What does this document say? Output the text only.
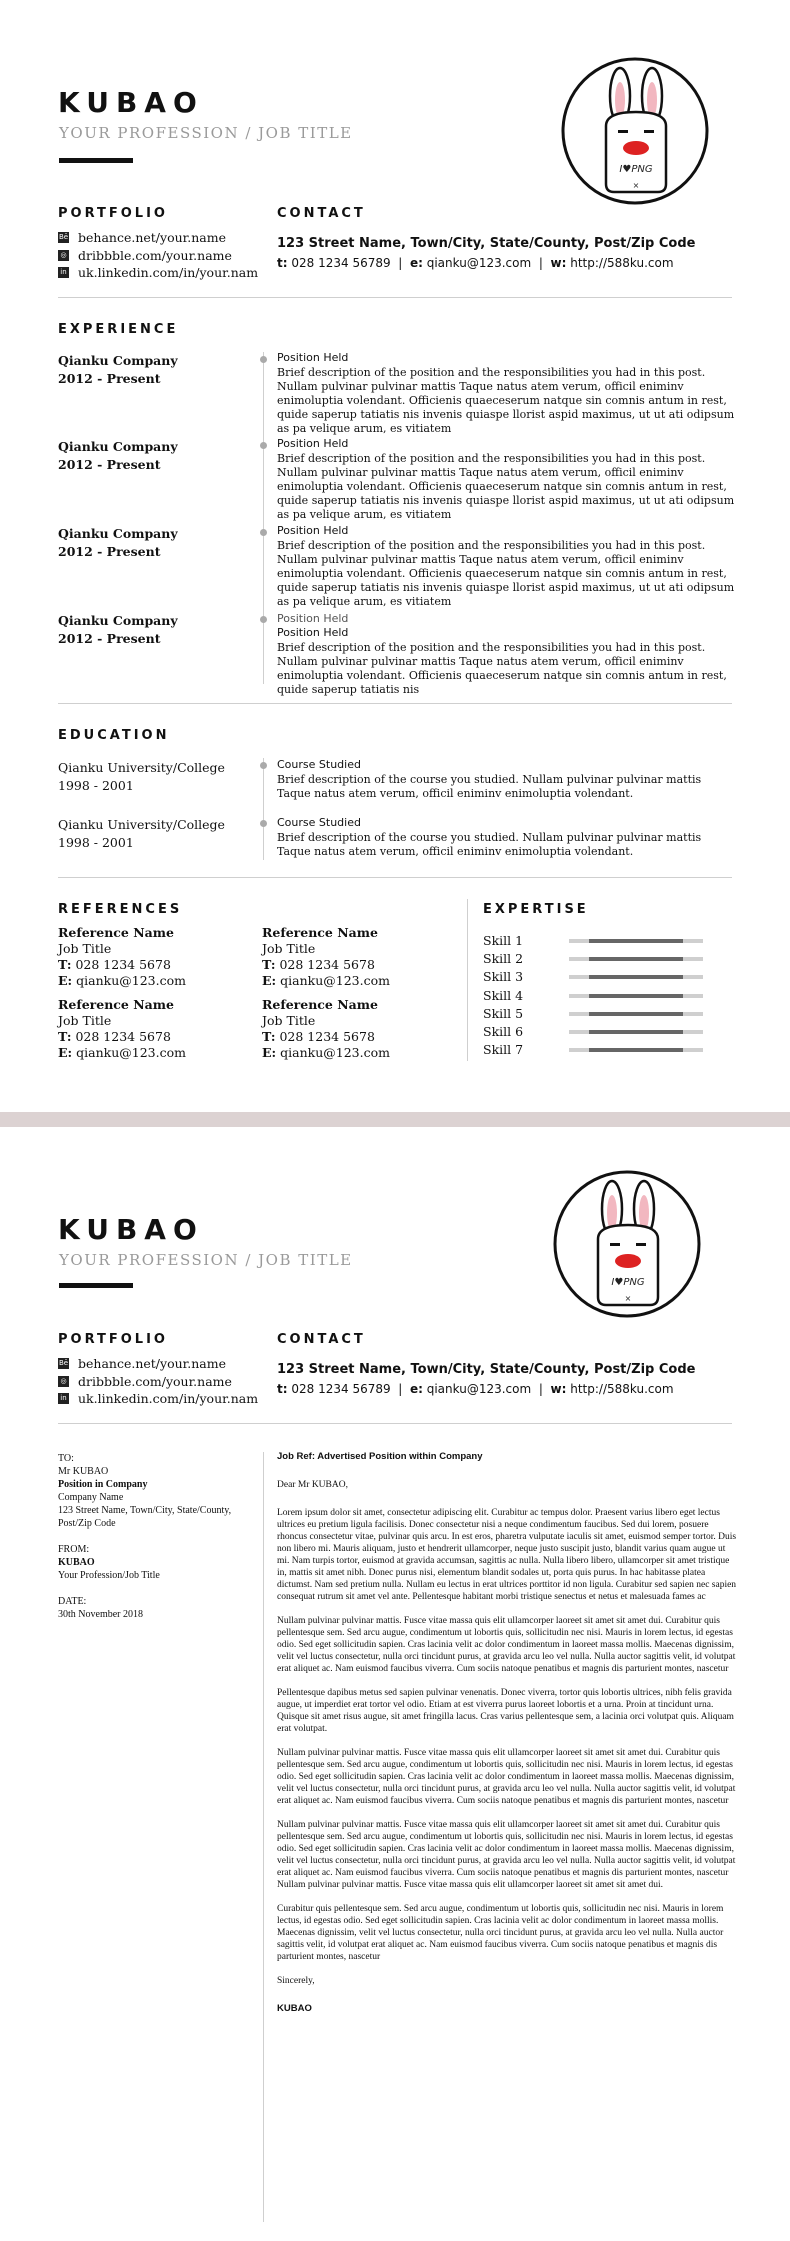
KUBAO
YOUR PROFESSION / JOB TITLE
I♥PNG
×
PORTFOLIO
Bē behance.net/your.name
◎ dribbble.com/your.name
in uk.linkedin.com/in/your.nam
CONTACT
123 Street Name, Town/City, State/County, Post/Zip Code
t: 028 1234 56789 | e: qianku@123.com | w: http://588ku.com
EXPERIENCE
Qianku Company
2012 - Present
Position Held
Brief description of the position and the responsibilities you had in this post. Nullam pulvinar pulvinar mattis Taque natus atem verum, officil eniminv enimoluptia volendant. Officienis quaeceserum natque sin comnis antum in rest, quide saperup tatiatis nis invenis quiaspe llorist aspid maximus, ut ut ati odipsum as pa velique arum, es vitiatem
Qianku Company
2012 - Present
Position Held
Brief description of the position and the responsibilities you had in this post. Nullam pulvinar pulvinar mattis Taque natus atem verum, officil eniminv enimoluptia volendant. Officienis quaeceserum natque sin comnis antum in rest, quide saperup tatiatis nis invenis quiaspe llorist aspid maximus, ut ut ati odipsum as pa velique arum, es vitiatem
Qianku Company
2012 - Present
Position Held
Brief description of the position and the responsibilities you had in this post. Nullam pulvinar pulvinar mattis Taque natus atem verum, officil eniminv enimoluptia volendant. Officienis quaeceserum natque sin comnis antum in rest, quide saperup tatiatis nis invenis quiaspe llorist aspid maximus, ut ut ati odipsum as pa velique arum, es vitiatem
Qianku Company
2012 - Present
Position Held
Position Held
Brief description of the position and the responsibilities you had in this post. Nullam pulvinar pulvinar mattis Taque natus atem verum, officil eniminv enimoluptia volendant. Officienis quaeceserum natque sin comnis antum in rest, quide saperup tatiatis nis
EDUCATION
Qianku University/College
1998 - 2001
Course Studied
Brief description of the course you studied. Nullam pulvinar pulvinar mattis Taque natus atem verum, officil eniminv enimoluptia volendant.
Qianku University/College
1998 - 2001
Course Studied
Brief description of the course you studied. Nullam pulvinar pulvinar mattis Taque natus atem verum, officil eniminv enimoluptia volendant.
REFERENCES
Reference Name
Job Title
T: 028 1234 5678
E: qianku@123.com
Reference Name
Job Title
T: 028 1234 5678
E: qianku@123.com
Reference Name
Job Title
T: 028 1234 5678
E: qianku@123.com
Reference Name
Job Title
T: 028 1234 5678
E: qianku@123.com
EXPERTISE
Skill 1
Skill 2
Skill 3
Skill 4
Skill 5
Skill 6
Skill 7
KUBAO
YOUR PROFESSION / JOB TITLE
I♥PNG
×
PORTFOLIO
Bē behance.net/your.name
◎ dribbble.com/your.name
in uk.linkedin.com/in/your.nam
CONTACT
123 Street Name, Town/City, State/County, Post/Zip Code
t: 028 1234 56789 | e: qianku@123.com | w: http://588ku.com
TO:
Mr KUBAO
Position in Company
Company Name
123 Street Name, Town/City, State/County, Post/Zip Code
FROM:
KUBAO
Your Profession/Job Title
DATE:
30th November 2018

Job Ref: Advertised Position within Company

Dear Mr KUBAO,

Lorem ipsum dolor sit amet, consectetur adipiscing elit. Curabitur ac tempus dolor. Praesent varius libero eget lectus ultrices eu pretium ligula facilisis. Donec consectetur nisi a neque condimentum faucibus. Sed dui lorem, posuere rhoncus consectetur vitae, pulvinar quis arcu. In est eros, pharetra vulputate iaculis sit amet, euismod semper tortor. Duis non libero mi. Mauris aliquam, justo et hendrerit ullamcorper, neque justo suscipit justo, blandit varius quam augue ut mi. Nam turpis tortor, euismod at gravida accumsan, sagittis ac nulla. Nulla libero libero, ullamcorper sit amet tristique in, mattis sit amet nibh. Donec purus nisi, elementum blandit sodales ut, porta quis purus. In hac habitasse platea dictumst. Nam sed pretium nulla. Nullam eu lectus in erat ultrices porttitor id non ligula. Curabitur sed sapien nec sapien consequat rutrum sit amet vel ante. Pellentesque habitant morbi tristique senectus et netus et malesuada fames ac

Nullam pulvinar pulvinar mattis. Fusce vitae massa quis elit ullamcorper laoreet sit amet sit amet dui. Curabitur quis pellentesque sem. Sed arcu augue, condimentum ut lobortis quis, sollicitudin nec nisi. Mauris in lorem lectus, id egestas odio. Sed eget sollicitudin sapien. Cras lacinia velit ac dolor condimentum in laoreet massa mollis. Maecenas dignissim, velit vel luctus consectetur, nulla orci tincidunt purus, at gravida arcu leo vel nulla. Nulla auctor sagittis velit, id volutpat erat aliquet ac. Nam euismod faucibus viverra. Cum sociis natoque penatibus et magnis dis parturient montes, nascetur

Pellentesque dapibus metus sed sapien pulvinar venenatis. Donec viverra, tortor quis lobortis ultrices, nibh felis gravida augue, ut imperdiet erat tortor vel odio. Etiam at est viverra purus laoreet lobortis et a urna. Proin at tincidunt urna. Quisque sit amet risus augue, sit amet fringilla lacus. Cras varius pellentesque sem, a lacinia orci volutpat quis. Aliquam erat volutpat.

Nullam pulvinar pulvinar mattis. Fusce vitae massa quis elit ullamcorper laoreet sit amet sit amet dui. Curabitur quis pellentesque sem. Sed arcu augue, condimentum ut lobortis quis, sollicitudin nec nisi. Mauris in lorem lectus, id egestas odio. Sed eget sollicitudin sapien. Cras lacinia velit ac dolor condimentum in laoreet massa mollis. Maecenas dignissim, velit vel luctus consectetur, nulla orci tincidunt purus, at gravida arcu leo vel nulla. Nulla auctor sagittis velit, id volutpat erat aliquet ac. Nam euismod faucibus viverra. Cum sociis natoque penatibus et magnis dis parturient montes, nascetur

Nullam pulvinar pulvinar mattis. Fusce vitae massa quis elit ullamcorper laoreet sit amet sit amet dui. Curabitur quis pellentesque sem. Sed arcu augue, condimentum ut lobortis quis, sollicitudin nec nisi. Mauris in lorem lectus, id egestas odio. Sed eget sollicitudin sapien. Cras lacinia velit ac dolor condimentum in laoreet massa mollis. Maecenas dignissim, velit vel luctus consectetur, nulla orci tincidunt purus, at gravida arcu leo vel nulla. Nulla auctor sagittis velit, id volutpat erat aliquet ac. Nam euismod faucibus viverra. Cum sociis natoque penatibus et magnis dis parturient montes, nascetur Nullam pulvinar pulvinar mattis. Fusce vitae massa quis elit ullamcorper laoreet sit amet sit amet dui.

Curabitur quis pellentesque sem. Sed arcu augue, condimentum ut lobortis quis, sollicitudin nec nisi. Mauris in lorem lectus, id egestas odio. Sed eget sollicitudin sapien. Cras lacinia velit ac dolor condimentum in laoreet massa mollis. Maecenas dignissim, velit vel luctus consectetur, nulla orci tincidunt purus, at gravida arcu leo vel nulla. Nulla auctor sagittis velit, id volutpat erat aliquet ac. Nam euismod faucibus viverra. Cum sociis natoque penatibus et magnis dis parturient montes, nascetur

Sincerely,

KUBAO
